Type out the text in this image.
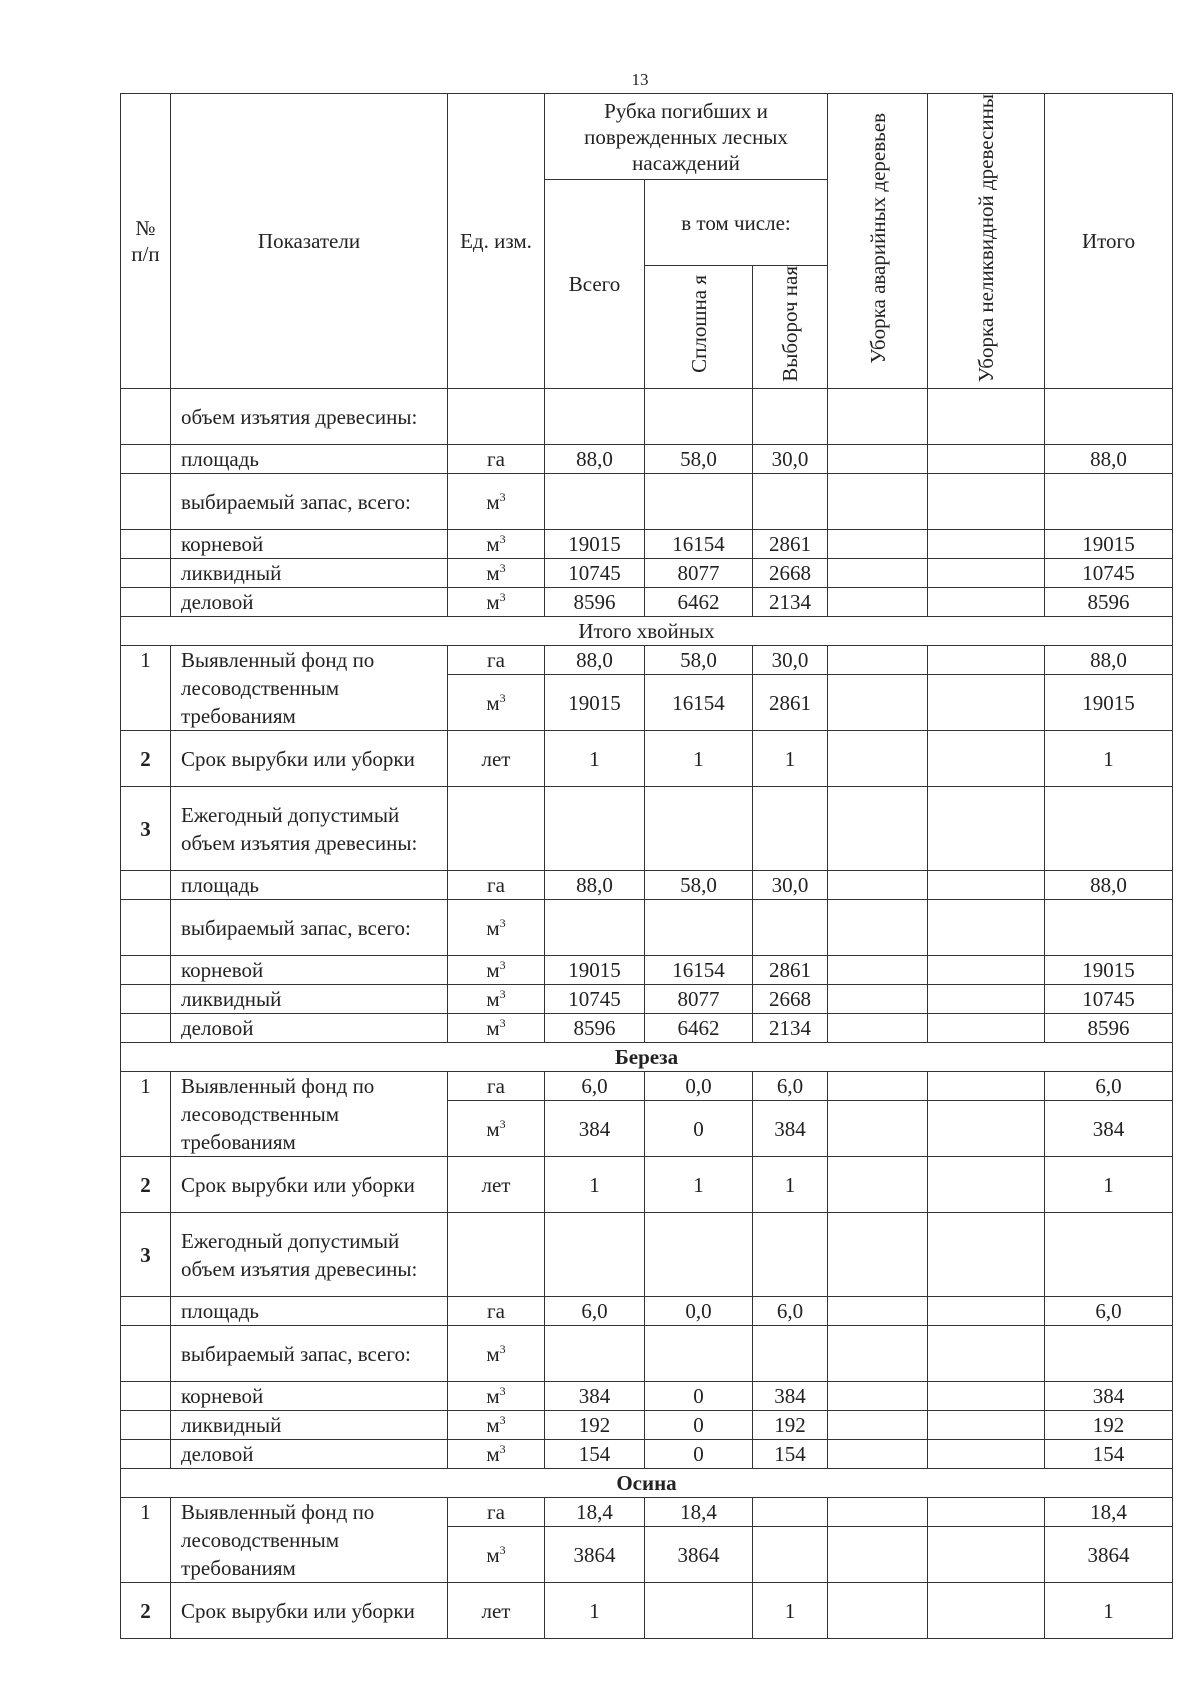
13
№ п/п	Показатели	Ед. изм.	Рубка погибших и поврежденных лесных насаждений			Уборка аварийных деревьев	Уборка неликвидной древесины	Итого
			Всего	в том числе:				
				Сплошна я	Выбороч ная			
	объем изъятия древесины:							
	площадь	га	88,0	58,0	30,0			88,0
	выбираемый запас, всего:	$м^3$						
	корневой	$м^3$	19015	16154	2861			19015
	ликвидный	$м^3$	10745	8077	2668			10745
	деловой	$м^3$	8596	6462	2134			8596
Итого хвойных								
1	Выявленный фонд по лесоводственным требованиям	га	88,0	58,0	30,0			88,0
		$м^3$	19015	16154	2861			19015
2	Срок вырубки или уборки	лет	1	1	1			1
3	Ежегодный допустимый объем изъятия древесины:							
	площадь	га	88,0	58,0	30,0			88,0
	выбираемый запас, всего:	$м^3$						
	корневой	$м^3$	19015	16154	2861			19015
	ликвидный	$м^3$	10745	8077	2668			10745
	деловой	$м^3$	8596	6462	2134			8596
Береза								
1	Выявленный фонд по лесоводственным требованиям	га	6,0	0,0	6,0			6,0
		$м^3$	384	0	384			384
2	Срок вырубки или уборки	лет	1	1	1			1
3	Ежегодный допустимый объем изъятия древесины:							
	площадь	га	6,0	0,0	6,0			6,0
	выбираемый запас, всего:	$м^3$						
	корневой	$м^3$	384	0	384			384
	ликвидный	$м^3$	192	0	192			192
	деловой	$м^3$	154	0	154			154
Осина								
1	Выявленный фонд по лесоводственным требованиям	га	18,4	18,4				18,4
		$м^3$	3864	3864				3864
2	Срок вырубки или уборки	лет	1		1			1
